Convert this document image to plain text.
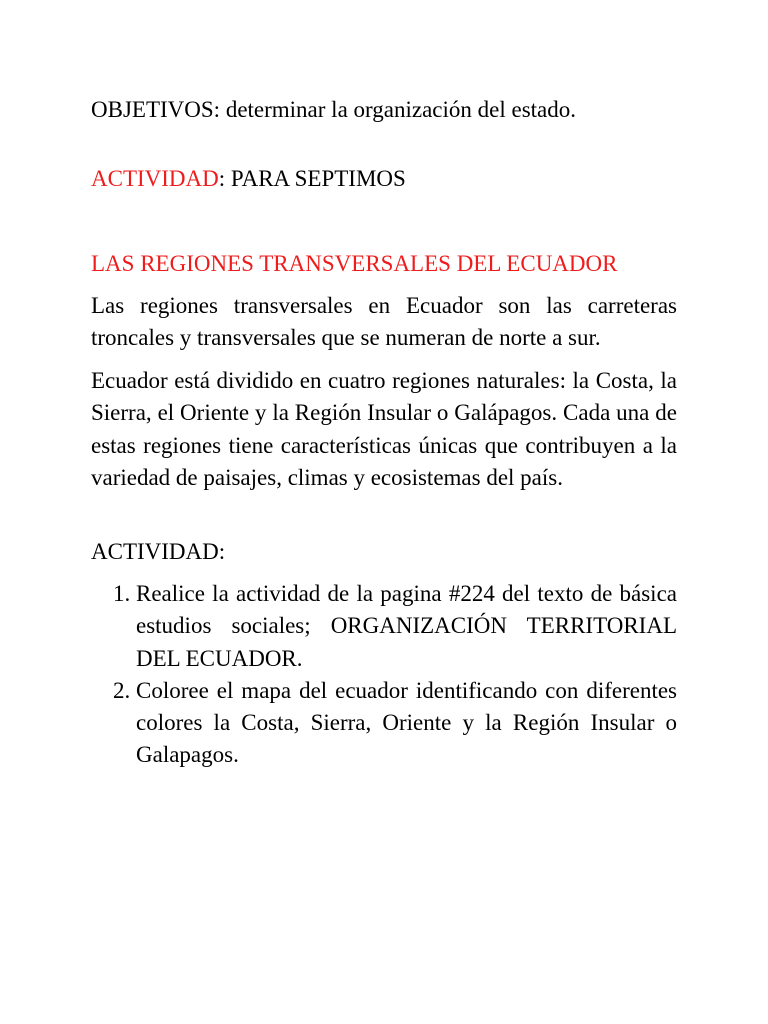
OBJETIVOS: determinar la organización del estado.

ACTIVIDAD: PARA SEPTIMOS

LAS REGIONES TRANSVERSALES DEL ECUADOR

Las regiones transversales en Ecuador son las carreteras troncales y transversales que se numeran de norte a sur.

Ecuador está dividido en cuatro regiones naturales: la Costa, la Sierra, el Oriente y la Región Insular o Galápagos. Cada una de estas regiones tiene características únicas que contribuyen a la variedad de paisajes, climas y ecosistemas del país.

ACTIVIDAD:

1. Realice la actividad de la pagina #224 del texto de básica estudios sociales; ORGANIZACIÓN TERRITORIAL DEL ECUADOR.
2. Coloree el mapa del ecuador identificando con diferentes colores la Costa, Sierra, Oriente y la Región Insular o Galapagos.
